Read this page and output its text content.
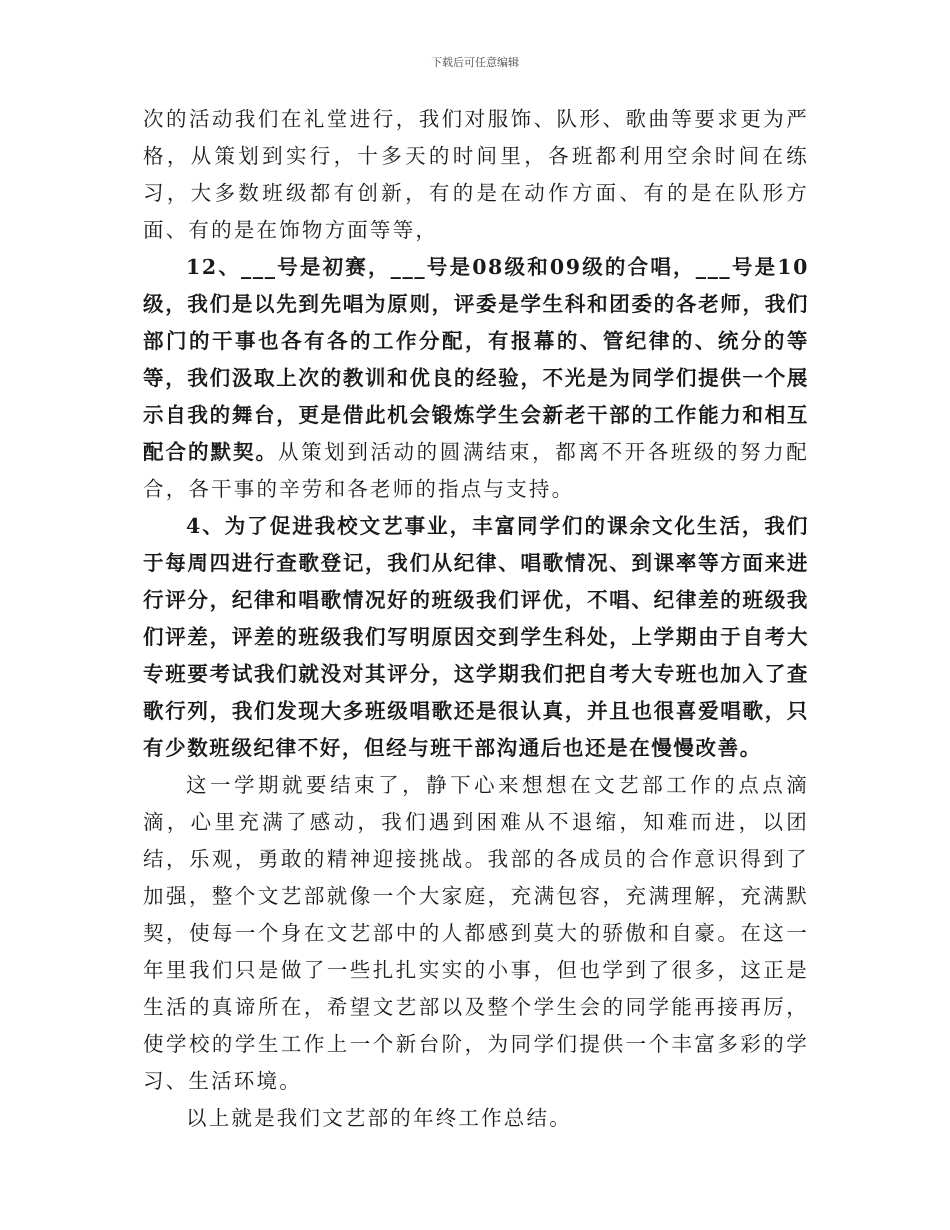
下载后可任意编辑

次的活动我们在礼堂进行，我们对服饰、队形、歌曲等要求更为严格，从策划到实行，十多天的时间里，各班都利用空余时间在练习，大多数班级都有创新，有的是在动作方面、有的是在队形方面、有的是在饰物方面等等，

12、___号是初赛，___号是08级和09级的合唱，___号是10级，我们是以先到先唱为原则，评委是学生科和团委的各老师，我们部门的干事也各有各的工作分配，有报幕的、管纪律的、统分的等等，我们汲取上次的教训和优良的经验，不光是为同学们提供一个展示自我的舞台，更是借此机会锻炼学生会新老干部的工作能力和相互配合的默契。从策划到活动的圆满结束，都离不开各班级的努力配合，各干事的辛劳和各老师的指点与支持。

4、为了促进我校文艺事业，丰富同学们的课余文化生活，我们于每周四进行查歌登记，我们从纪律、唱歌情况、到课率等方面来进行评分，纪律和唱歌情况好的班级我们评优，不唱、纪律差的班级我们评差，评差的班级我们写明原因交到学生科处，上学期由于自考大专班要考试我们就没对其评分，这学期我们把自考大专班也加入了查歌行列，我们发现大多班级唱歌还是很认真，并且也很喜爱唱歌，只有少数班级纪律不好，但经与班干部沟通后也还是在慢慢改善。

这一学期就要结束了，静下心来想想在文艺部工作的点点滴滴，心里充满了感动，我们遇到困难从不退缩，知难而进，以团结，乐观，勇敢的精神迎接挑战。我部的各成员的合作意识得到了加强，整个文艺部就像一个大家庭，充满包容，充满理解，充满默契，使每一个身在文艺部中的人都感到莫大的骄傲和自豪。在这一年里我们只是做了一些扎扎实实的小事，但也学到了很多，这正是生活的真谛所在，希望文艺部以及整个学生会的同学能再接再厉，使学校的学生工作上一个新台阶，为同学们提供一个丰富多彩的学习、生活环境。

以上就是我们文艺部的年终工作总结。
